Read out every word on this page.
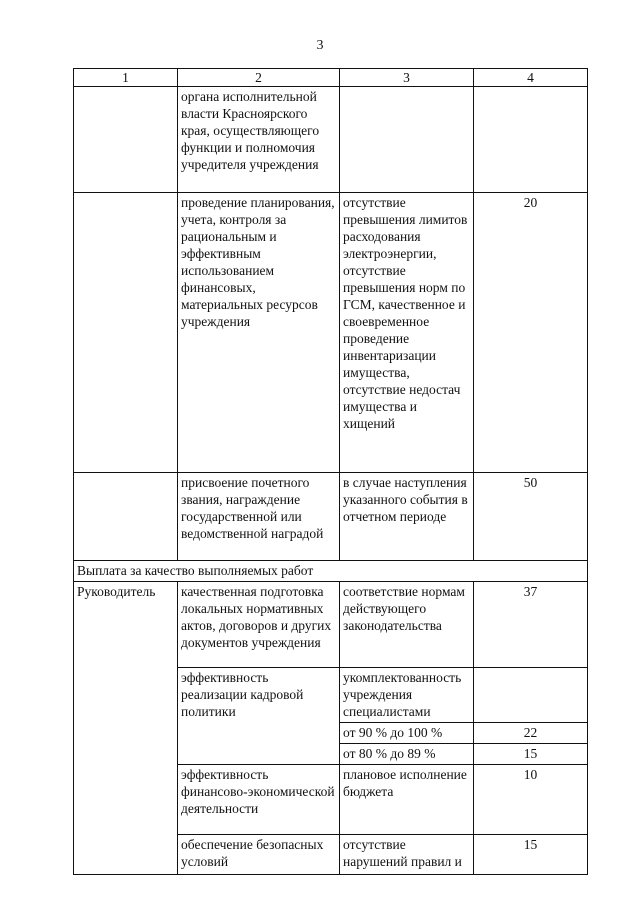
3
1	2	3	4
	органа исполнительной власти Красноярского края, осуществляющего функции и полномочия учредителя учреждения		
	проведение планирования, учета, контроля за рациональным и эффективным использованием финансовых, материальных ресурсов учреждения	отсутствие превышения лимитов расходования электроэнергии, отсутствие превышения норм по ГСМ, качественное и своевременное проведение инвентаризации имущества, отсутствие недостач имущества и хищений	20
	присвоение почетного звания, награждение государственной или ведомственной наградой	в случае наступления указанного события в отчетном периоде	50
Выплата за качество выполняемых работ			
Руководитель	качественная подготовка локальных нормативных актов, договоров и других документов учреждения	соответствие нормам действующего законодательства	37
	эффективность реализации кадровой политики	укомплектованность учреждения специалистами	
		от 90 % до 100 %	22
		от 80 % до 89 %	15
	эффективность финансово-экономической деятельности	плановое исполнение бюджета	10
	обеспечение безопасных условий	отсутствие нарушений правил и	15
